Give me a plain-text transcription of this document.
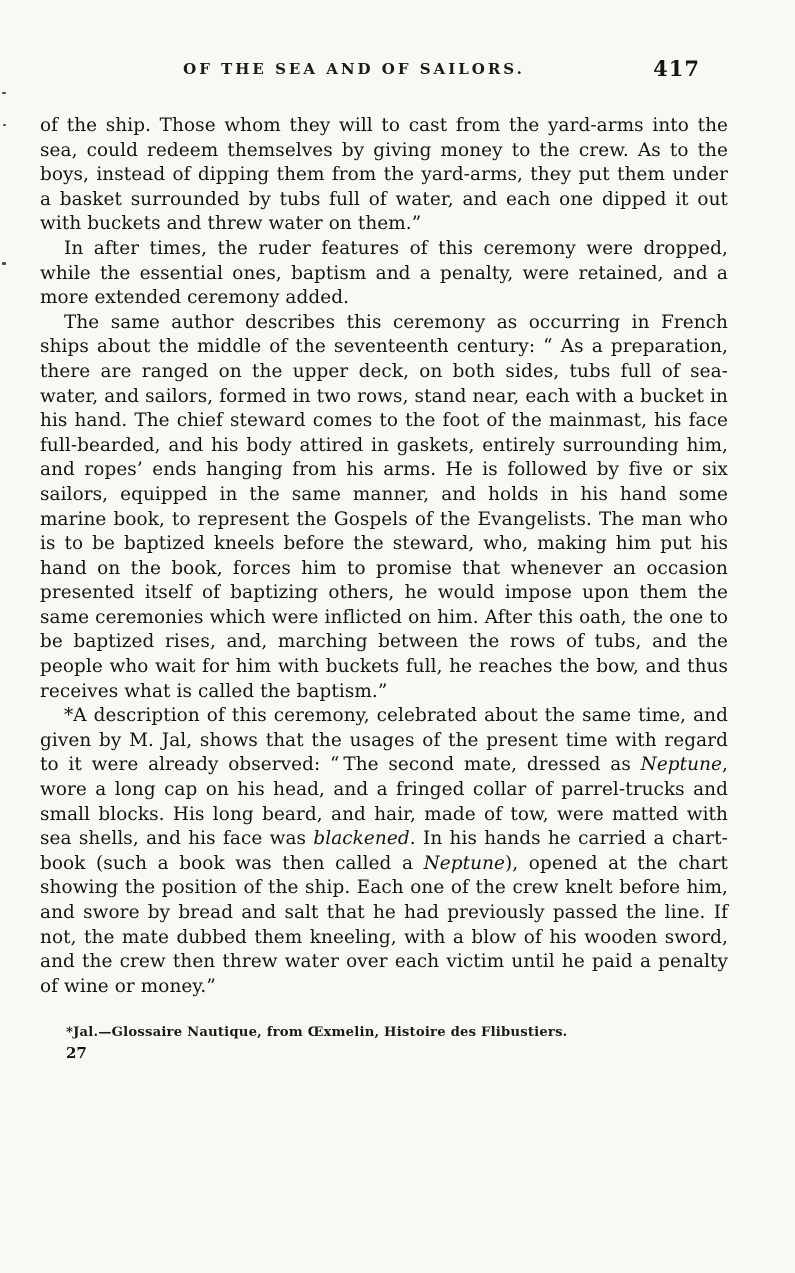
OF THE SEA AND OF SAILORS.	417

of the ship. Those whom they will to cast from the yard-arms into the sea, could redeem themselves by giving money to the crew. As to the boys, instead of dipping them from the yard-arms, they put them under a basket surrounded by tubs full of water, and each one dipped it out with buckets and threw water on them.”

In after times, the ruder features of this ceremony were dropped, while the essential ones, baptism and a penalty, were retained, and a more extended ceremony added.

The same author describes this ceremony as occurring in French ships about the middle of the seventeenth century: “ As a preparation, there are ranged on the upper deck, on both sides, tubs full of sea-water, and sailors, formed in two rows, stand near, each with a bucket in his hand. The chief steward comes to the foot of the mainmast, his face full-bearded, and his body attired in gaskets, entirely surrounding him, and ropes’ ends hanging from his arms. He is followed by five or six sailors, equipped in the same manner, and holds in his hand some marine book, to represent the Gospels of the Evangelists. The man who is to be baptized kneels before the steward, who, making him put his hand on the book, forces him to promise that whenever an occasion presented itself of baptizing others, he would impose upon them the same ceremonies which were inflicted on him. After this oath, the one to be baptized rises, and, marching between the rows of tubs, and the people who wait for him with buckets full, he reaches the bow, and thus receives what is called the baptism.”

*A description of this ceremony, celebrated about the same time, and given by M. Jal, shows that the usages of the present time with regard to it were already observed: “ The second mate, dressed as Neptune, wore a long cap on his head, and a fringed collar of parrel-trucks and small blocks. His long beard, and hair, made of tow, were matted with sea shells, and his face was blackened. In his hands he carried a chart-book (such a book was then called a Neptune), opened at the chart showing the position of the ship. Each one of the crew knelt before him, and swore by bread and salt that he had previously passed the line. If not, the mate dubbed them kneeling, with a blow of his wooden sword, and the crew then threw water over each victim until he paid a penalty of wine or money.”

*Jal.—Glossaire Nautique, from Œxmelin, Histoire des Flibustiers.
27
